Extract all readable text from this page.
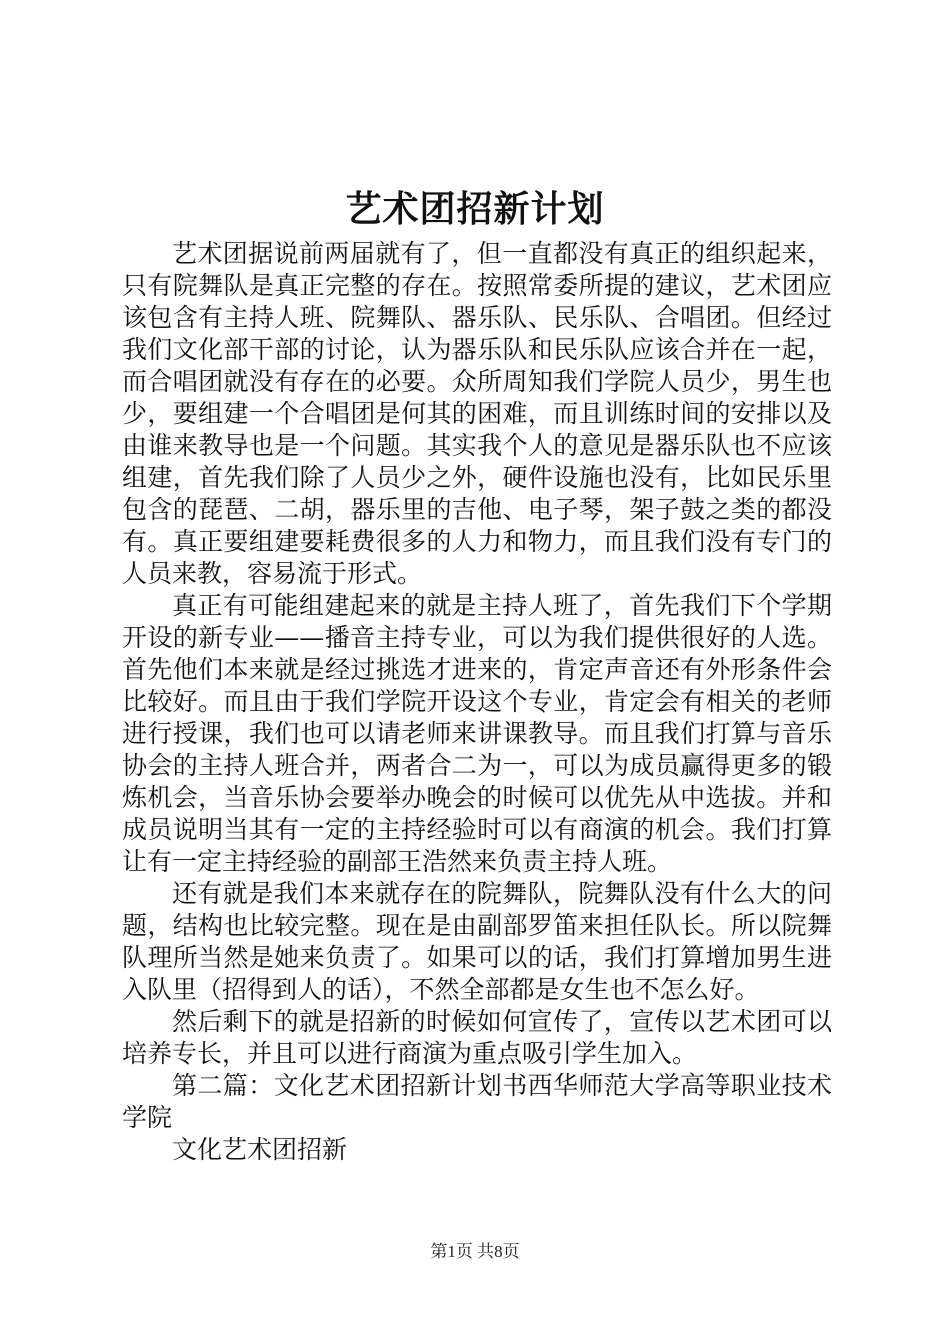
艺术团招新计划

艺术团据说前两届就有了，但一直都没有真正的组织起来，只有院舞队是真正完整的存在。按照常委所提的建议，艺术团应该包含有主持人班、院舞队、器乐队、民乐队、合唱团。但经过我们文化部干部的讨论，认为器乐队和民乐队应该合并在一起，而合唱团就没有存在的必要。众所周知我们学院人员少，男生也少，要组建一个合唱团是何其的困难，而且训练时间的安排以及由谁来教导也是一个问题。其实我个人的意见是器乐队也不应该组建，首先我们除了人员少之外，硬件设施也没有，比如民乐里包含的琵琶、二胡，器乐里的吉他、电子琴，架子鼓之类的都没有。真正要组建要耗费很多的人力和物力，而且我们没有专门的人员来教，容易流于形式。

真正有可能组建起来的就是主持人班了，首先我们下个学期开设的新专业——播音主持专业，可以为我们提供很好的人选。首先他们本来就是经过挑选才进来的，肯定声音还有外形条件会比较好。而且由于我们学院开设这个专业，肯定会有相关的老师进行授课，我们也可以请老师来讲课教导。而且我们打算与音乐协会的主持人班合并，两者合二为一，可以为成员赢得更多的锻炼机会，当音乐协会要举办晚会的时候可以优先从中选拔。并和成员说明当其有一定的主持经验时可以有商演的机会。我们打算让有一定主持经验的副部王浩然来负责主持人班。

还有就是我们本来就存在的院舞队，院舞队没有什么大的问题，结构也比较完整。现在是由副部罗笛来担任队长。所以院舞队理所当然是她来负责了。如果可以的话，我们打算增加男生进入队里（招得到人的话），不然全部都是女生也不怎么好。

然后剩下的就是招新的时候如何宣传了，宣传以艺术团可以培养专长，并且可以进行商演为重点吸引学生加入。

第二篇：文化艺术团招新计划书西华师范大学高等职业技术学院

文化艺术团招新

第1页 共8页
